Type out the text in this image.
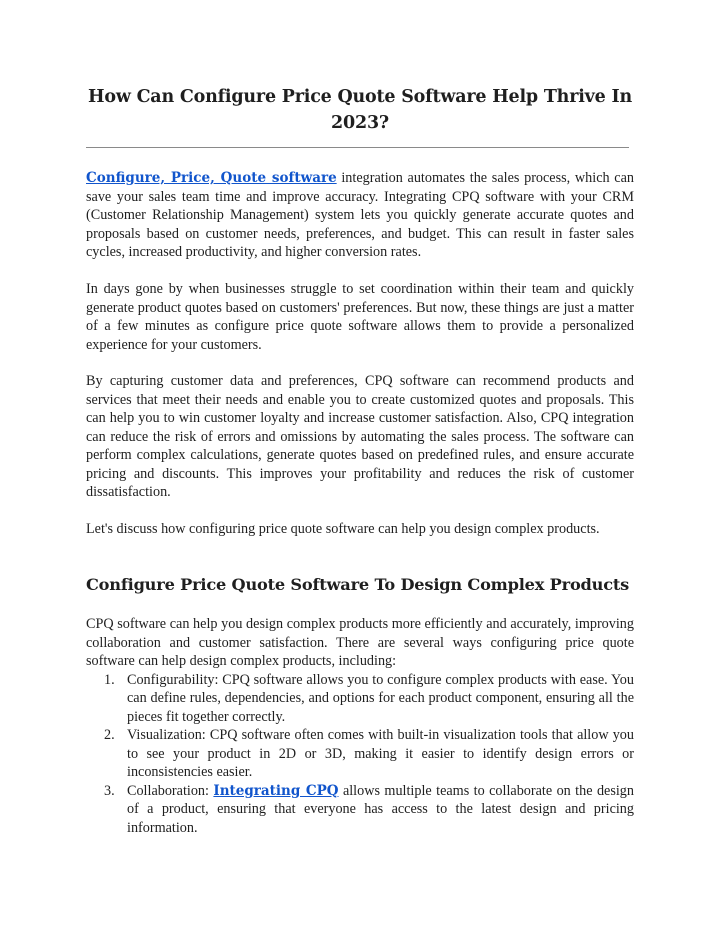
How Can Configure Price Quote Software Help Thrive In 2023?

Configure, Price, Quote software integration automates the sales process, which can save your sales team time and improve accuracy. Integrating CPQ software with your CRM (Customer Relationship Management) system lets you quickly generate accurate quotes and proposals based on customer needs, preferences, and budget. This can result in faster sales cycles, increased productivity, and higher conversion rates.

In days gone by when businesses struggle to set coordination within their team and quickly generate product quotes based on customers' preferences. But now, these things are just a matter of a few minutes as configure price quote software allows them to provide a personalized experience for your customers.

By capturing customer data and preferences, CPQ software can recommend products and services that meet their needs and enable you to create customized quotes and proposals. This can help you to win customer loyalty and increase customer satisfaction. Also, CPQ integration can reduce the risk of errors and omissions by automating the sales process. The software can perform complex calculations, generate quotes based on predefined rules, and ensure accurate pricing and discounts. This improves your profitability and reduces the risk of customer dissatisfaction.

Let's discuss how configuring price quote software can help you design complex products.

Configure Price Quote Software To Design Complex Products

CPQ software can help you design complex products more efficiently and accurately, improving collaboration and customer satisfaction. There are several ways configuring price quote software can help design complex products, including:

1. Configurability: CPQ software allows you to configure complex products with ease. You can define rules, dependencies, and options for each product component, ensuring all the pieces fit together correctly.
2. Visualization: CPQ software often comes with built-in visualization tools that allow you to see your product in 2D or 3D, making it easier to identify design errors or inconsistencies easier.
3. Collaboration: Integrating CPQ allows multiple teams to collaborate on the design of a product, ensuring that everyone has access to the latest design and pricing information.
